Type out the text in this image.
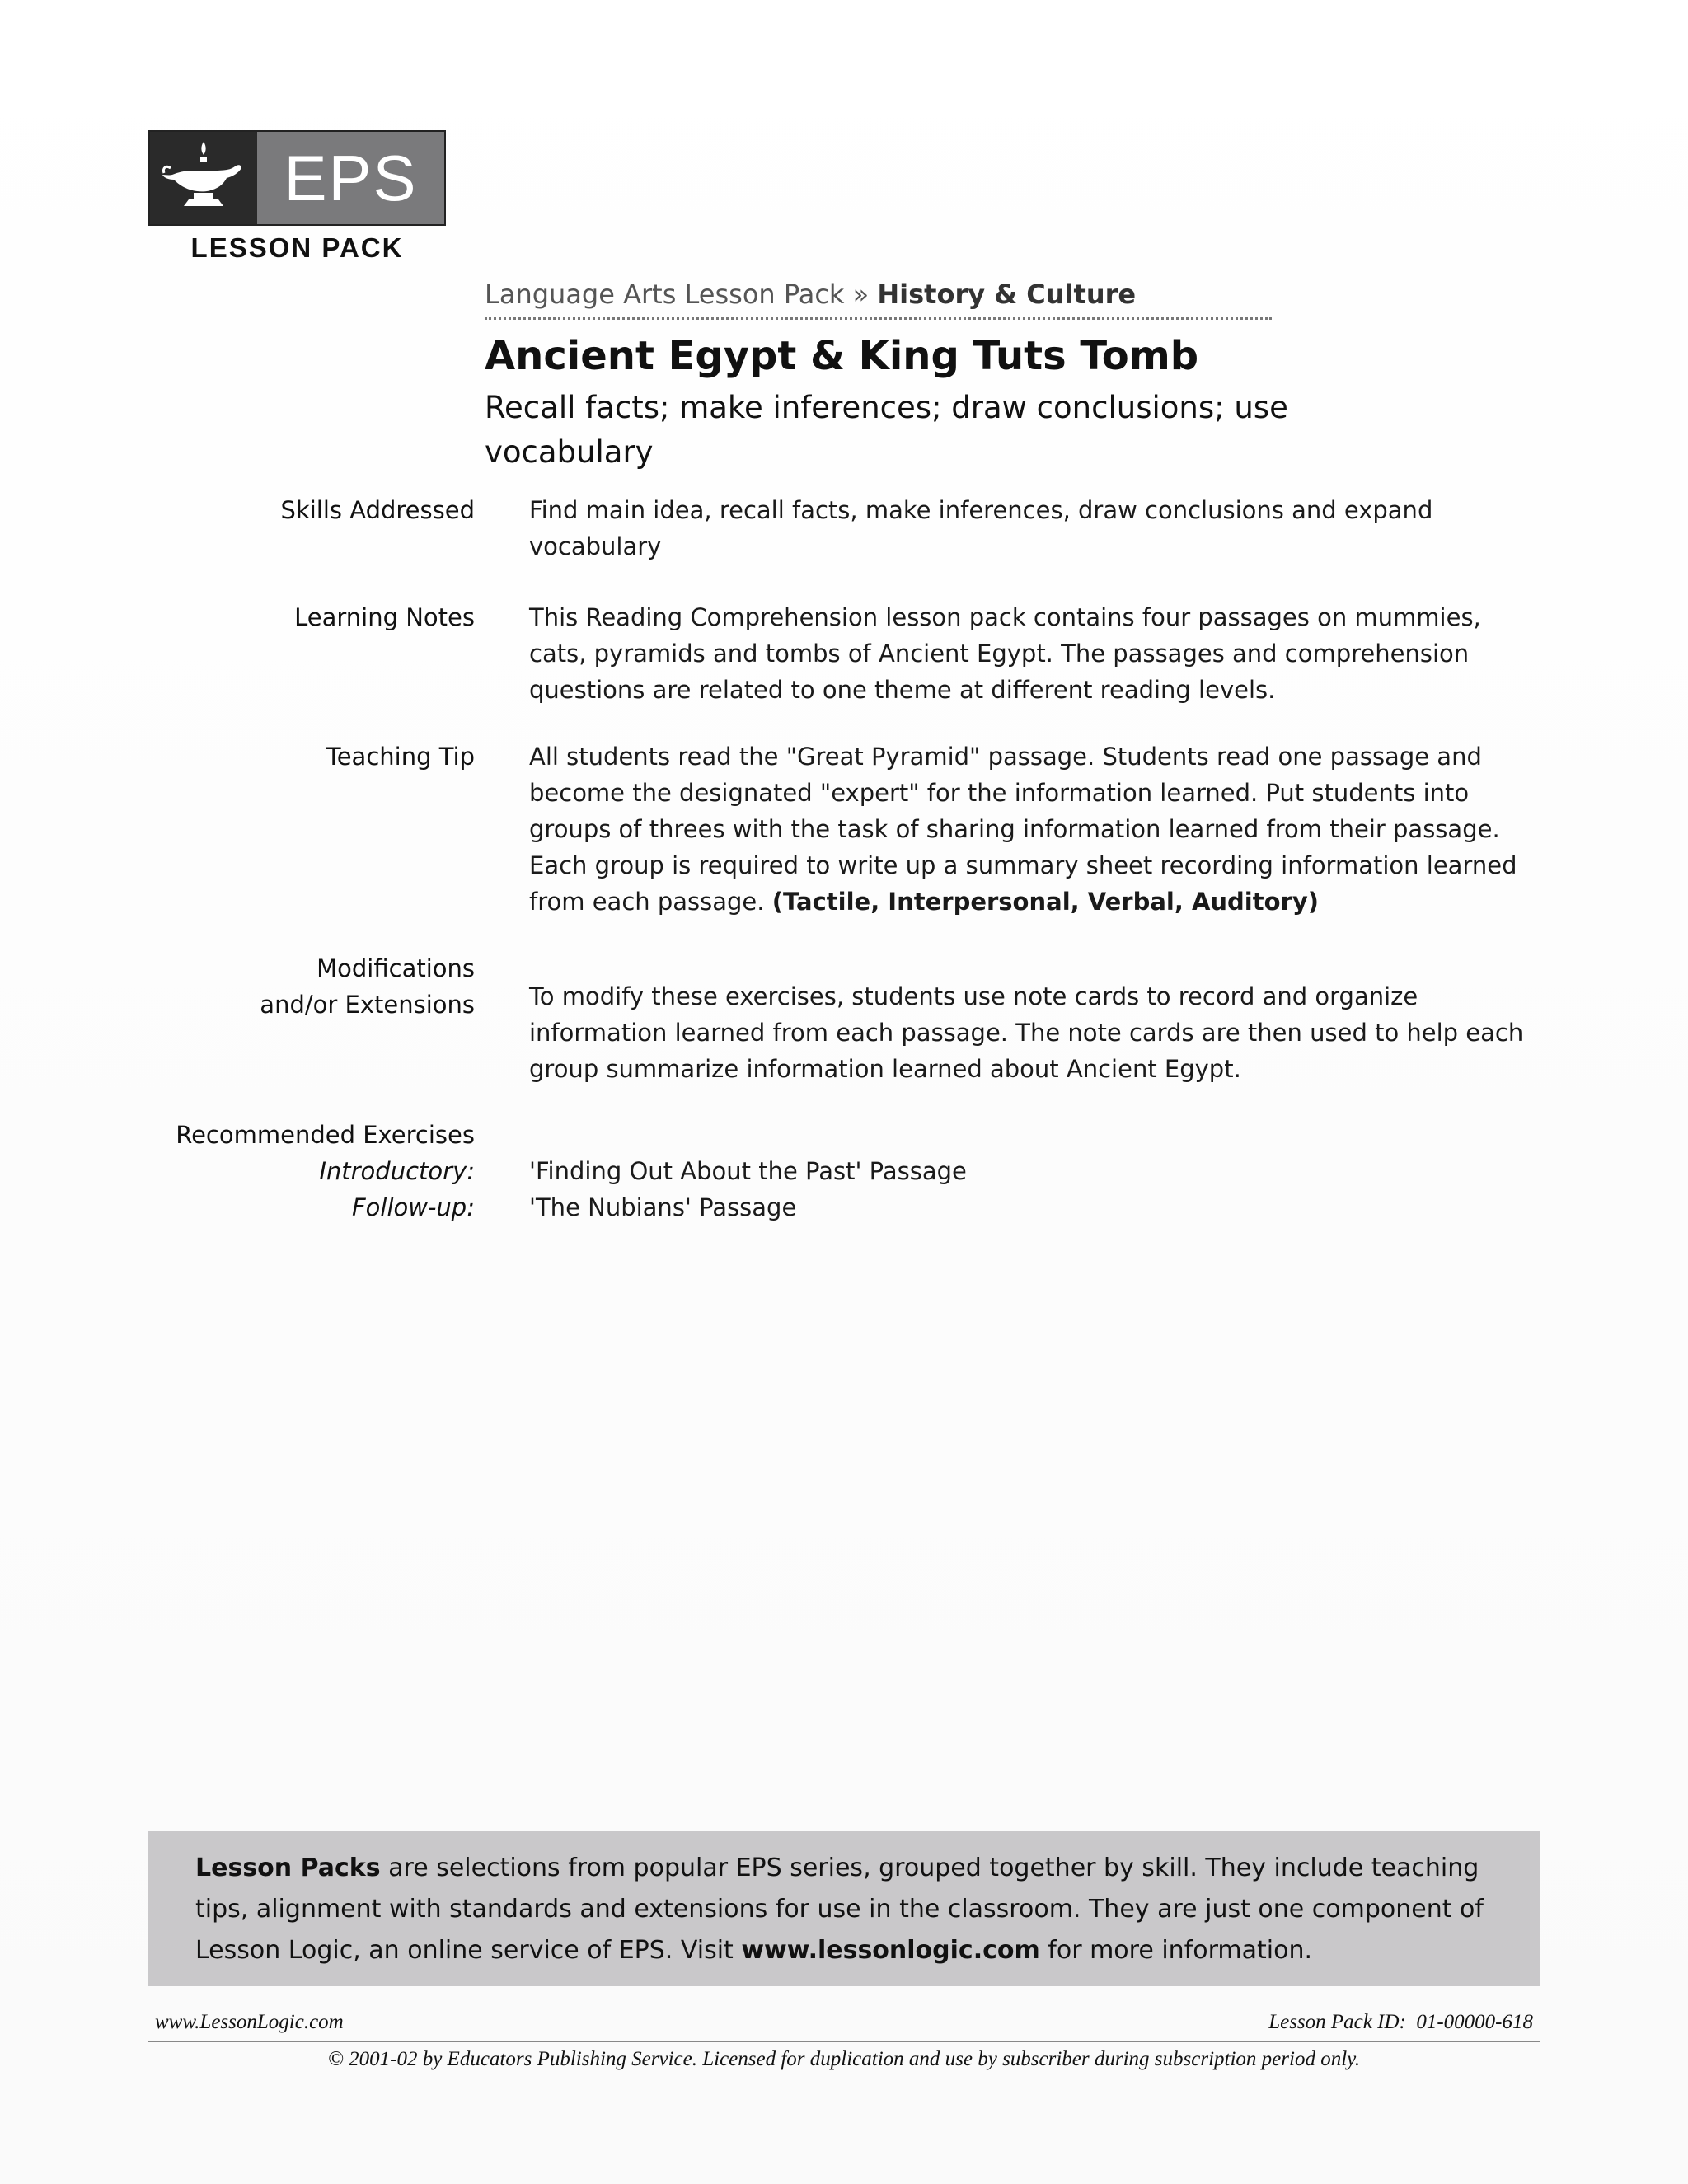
EPS
LESSON PACK
Language Arts Lesson Pack » History & Culture
Ancient Egypt & King Tuts Tomb
Recall facts; make inferences; draw conclusions; use vocabulary
Skills Addressed Find main idea, recall facts, make inferences, draw conclusions and expand vocabulary
Learning Notes This Reading Comprehension lesson pack contains four passages on mummies, cats, pyramids and tombs of Ancient Egypt. The passages and comprehension questions are related to one theme at different reading levels.
Teaching Tip All students read the "Great Pyramid" passage. Students read one passage and become the designated "expert" for the information learned. Put students into groups of threes with the task of sharing information learned from their passage. Each group is required to write up a summary sheet recording information learned from each passage. (Tactile, Interpersonal, Verbal, Auditory)
Modifications
and/or Extensions To modify these exercises, students use note cards to record and organize information learned from each passage. The note cards are then used to help each group summarize information learned about Ancient Egypt.
Recommended Exercises
Introductory: 'Finding Out About the Past' Passage
Follow-up: 'The Nubians' Passage

Lesson Packs are selections from popular EPS series, grouped together by skill. They include teaching tips, alignment with standards and extensions for use in the classroom. They are just one component of Lesson Logic, an online service of EPS. Visit www.lessonlogic.com for more information.

www.LessonLogic.com	Lesson Pack ID: 01-00000-618
© 2001-02 by Educators Publishing Service. Licensed for duplication and use by subscriber during subscription period only.
